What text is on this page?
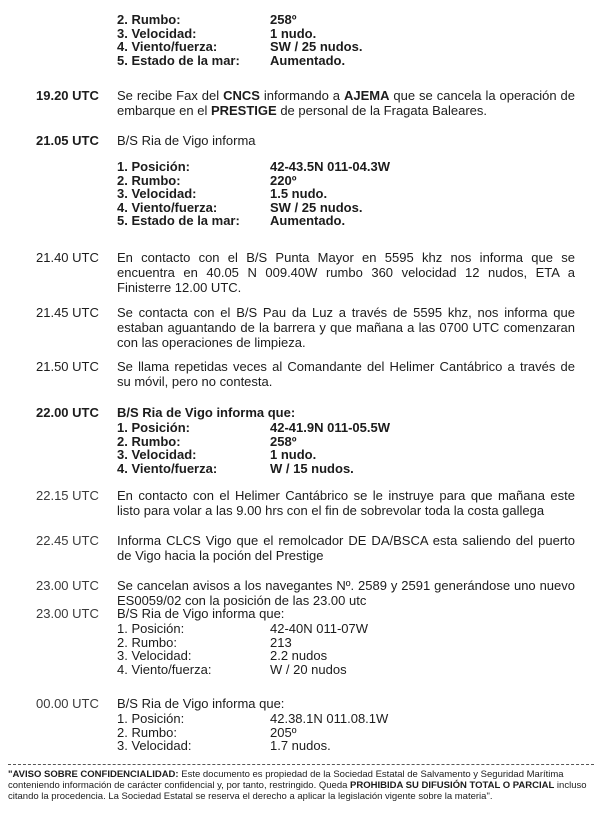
2. Rumbo:	258º
3. Velocidad:	1 nudo.
4. Viento/fuerza:	SW / 25 nudos.
5. Estado de la mar: Aumentado.
19.20 UTC	Se recibe Fax del CNCS informando a AJEMA que se cancela la operación de embarque en el PRESTIGE de personal de la Fragata Baleares.
21.05 UTC	B/S Ria de Vigo informa
1. Posición:	42-43.5N 011-04.3W
2. Rumbo:	220º
3. Velocidad:	1.5 nudo.
4. Viento/fuerza:	SW / 25 nudos.
5. Estado de la mar: Aumentado.
21.40 UTC	En contacto con el B/S Punta Mayor en 5595 khz nos informa que se encuentra en 40.05 N 009.40W rumbo 360 velocidad 12 nudos, ETA a Finisterre 12.00 UTC.
21.45 UTC	Se contacta con el B/S Pau da Luz a través de 5595 khz, nos informa que estaban aguantando de la barrera y que mañana a las 0700 UTC comenzaran con las operaciones de limpieza.
21.50 UTC	Se llama repetidas veces al Comandante del Helimer Cantábrico a través de su móvil, pero no contesta.
22.00 UTC	B/S Ria de Vigo informa que:
1. Posición:	42-41.9N 011-05.5W
2. Rumbo:	258º
3. Velocidad:	1 nudo.
4. Viento/fuerza:	W / 15 nudos.
22.15 UTC	En contacto con el Helimer Cantábrico se le instruye para que mañana este listo para volar a las 9.00 hrs con el fin de sobrevolar toda la costa gallega
22.45 UTC	Informa CLCS Vigo que el remolcador DE DA/BSCA esta saliendo del puerto de Vigo hacia la poción del Prestige
23.00 UTC	Se cancelan avisos a los navegantes Nº. 2589 y 2591 generándose uno nuevo ES0059/02 con la posición de las 23.00 utc
23.00 UTC	B/S Ria de Vigo informa que:
1. Posición:	42-40N 011-07W
2. Rumbo:	213
3. Velocidad:	2.2 nudos
4. Viento/fuerza:	W / 20 nudos
00.00 UTC	B/S Ria de Vigo informa que:
1. Posición:	42.38.1N 011.08.1W
2. Rumbo:	205º
3. Velocidad:	1.7 nudos.
"AVISO SOBRE CONFIDENCIALIDAD: Este documento es propiedad de la Sociedad Estatal de Salvamento y Seguridad Marítima conteniendo información de carácter confidencial y, por tanto, restringido. Queda PROHIBIDA SU DIFUSIÓN TOTAL O PARCIAL incluso citando la procedencia. La Sociedad Estatal se reserva el derecho a aplicar la legislación vigente sobre la materia".
